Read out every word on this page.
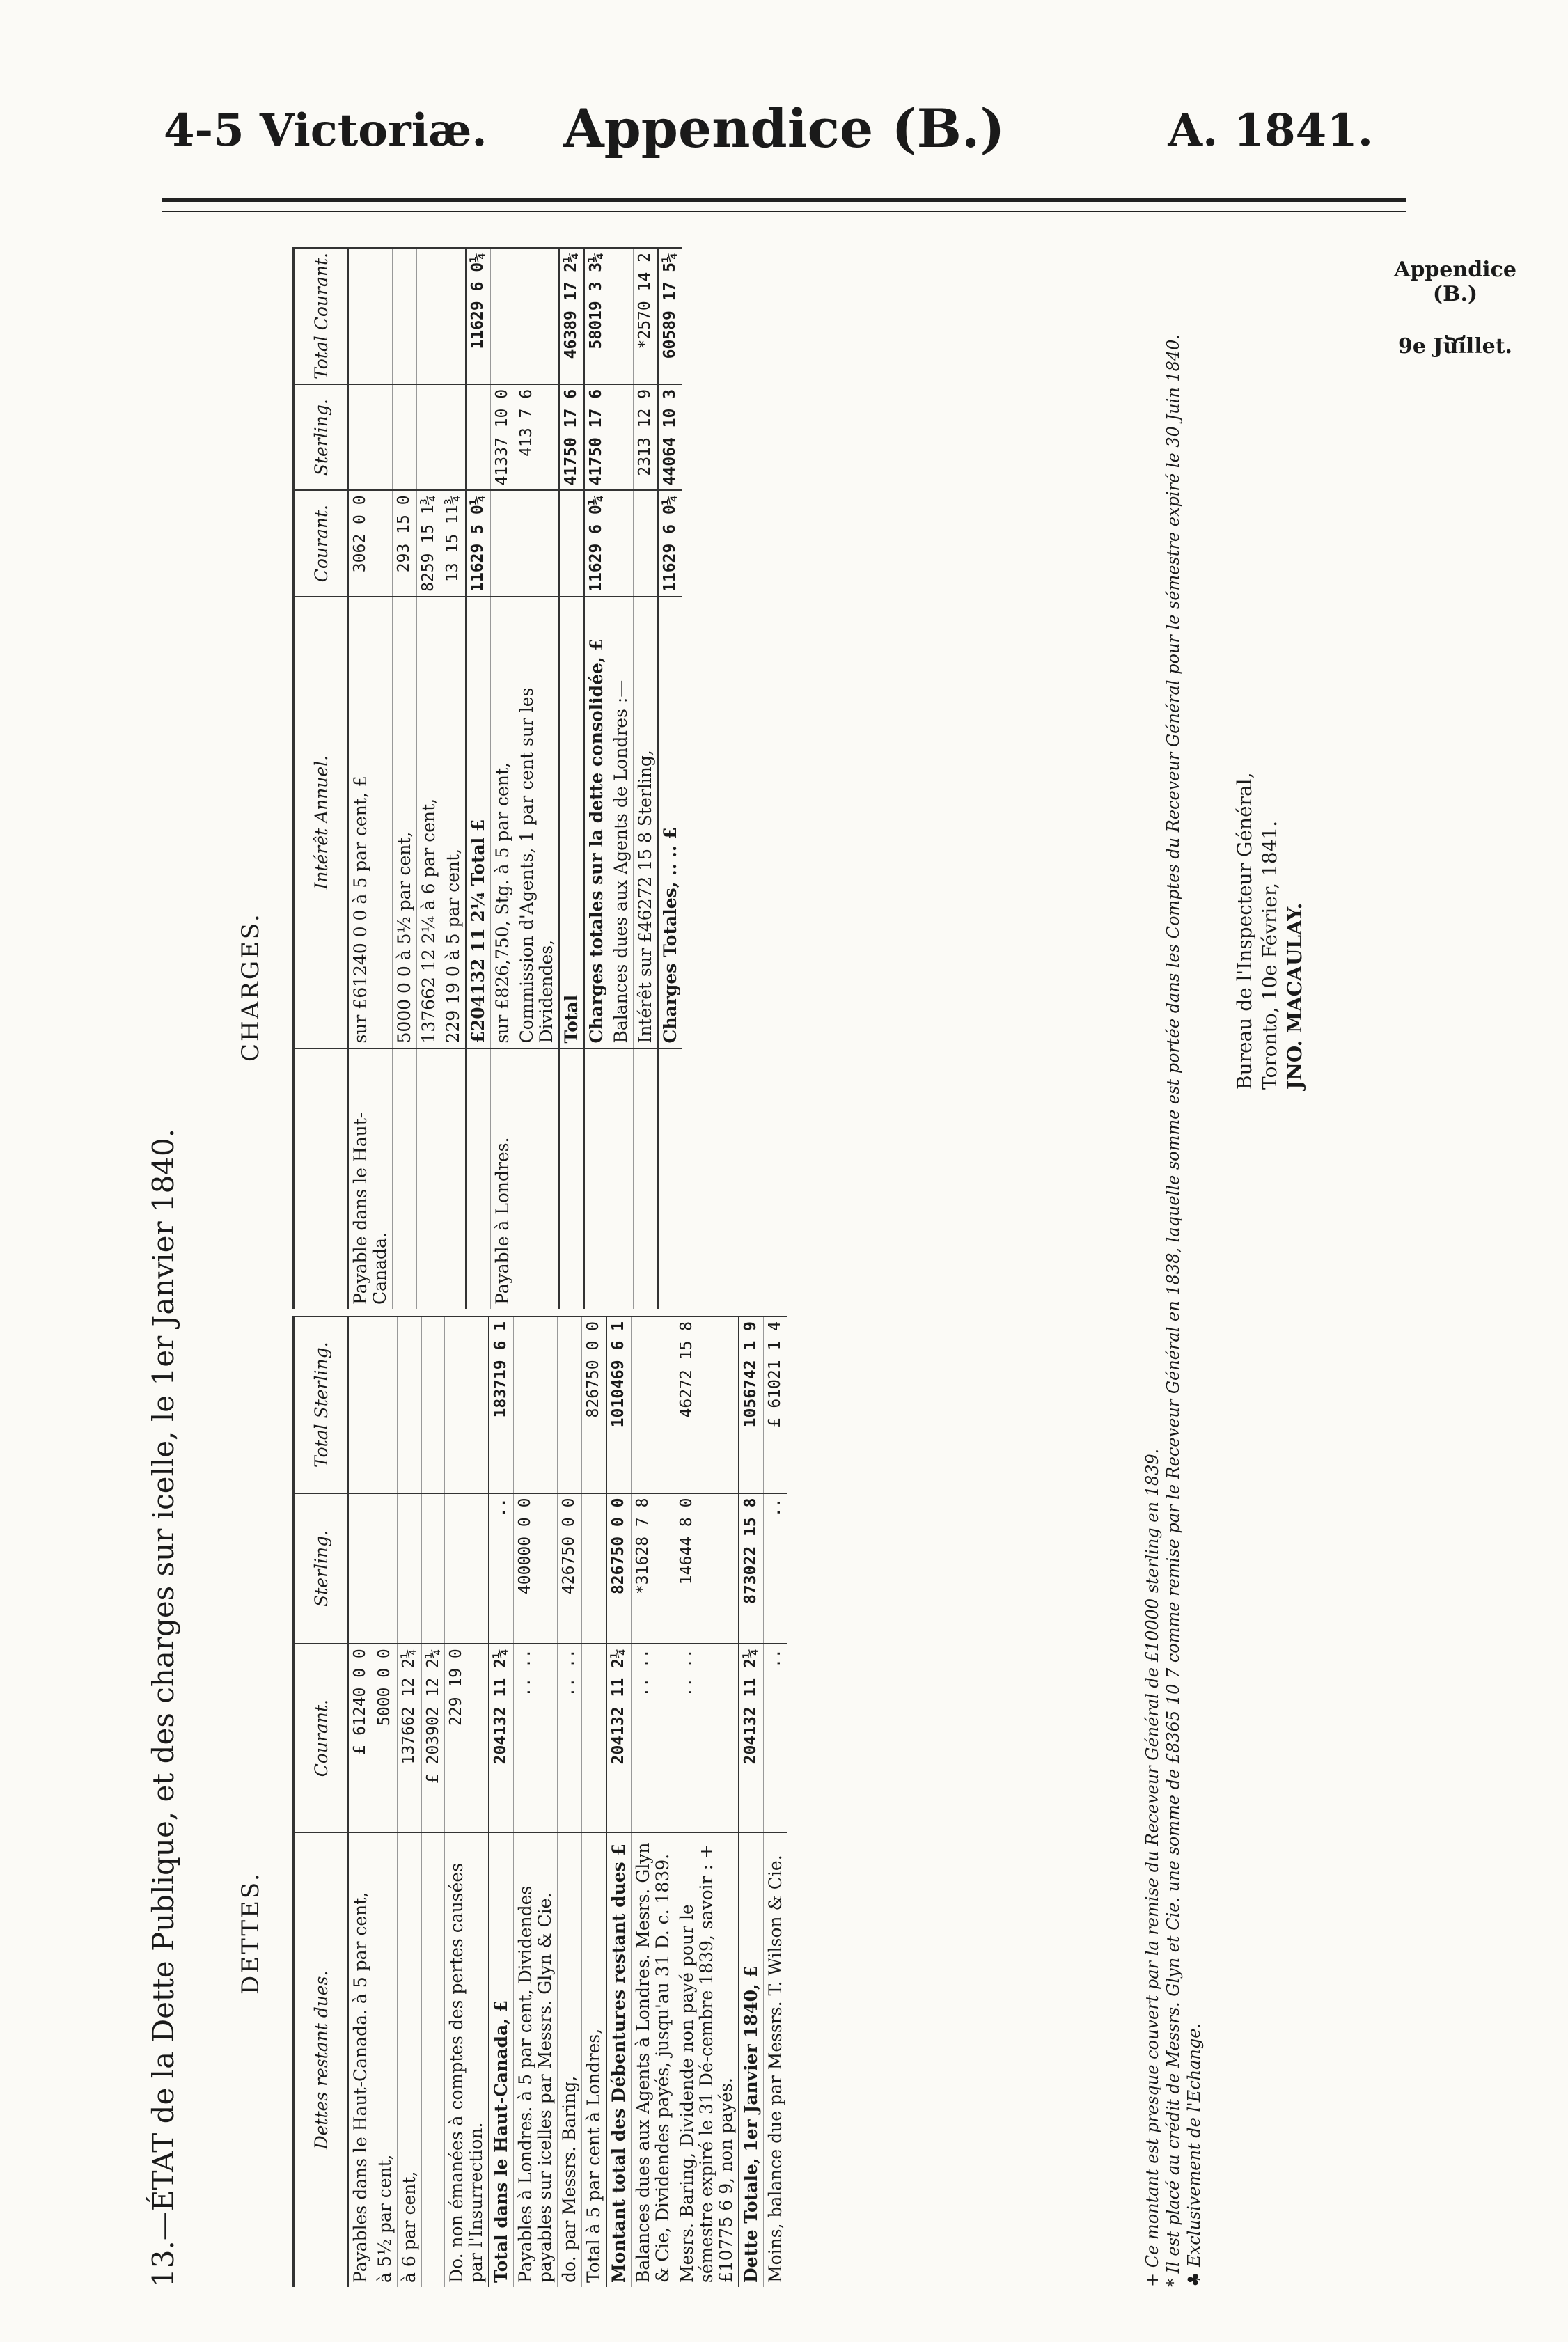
4-5 Victoriæ.	Appendice (B.)	A. 1841.
Appendice
(B.)
⏟
9e Juillet.
13.—ÉTAT de la Dette Publique, et des charges sur icelle, le 1er Janvier 1840. DETTES.
CHARGES.
Dettes restant dues.	Courant.	Sterling.	Total Sterling.
Payables dans le Haut-Canada. à 5 par cent,	£ 61240 0 0		
à 5½ par cent,	5000 0 0		
à 6 par cent,	137662 12 2¼		
	£ 203902 12 2¼		
Do. non émanées à comptes des pertes causées par l'Insurrection.	229 19 0		
Total dans le Haut-Canada, £	204132 11 2¼	..	183719 6 1
Payables à Londres. à 5 par cent, Dividendes payables sur icelles par Messrs. Glyn & Cie.	.. ..	400000 0 0	
do. par Messrs. Baring,	.. ..	426750 0 0	
Total à 5 par cent à Londres,			826750 0 0
Montant total des Débentures restant dues £	204132 11 2¼	826750 0 0	1010469 6 1
Balances dues aux Agents à Londres. Mesrs. Glyn & Cie, Dividendes payés, jusqu'au 31 D. c. 1839.	.. ..	*31628 7 8	
Mesrs. Baring, Dividende non payé pour le sémestre expiré le 31 Dé-cembre 1839, savoir : + £10775 6 9, non payés.	.. ..	14644 8 0	46272 15 8
Dette Totale, 1er Janvier 1840, £	204132 11 2¼	873022 15 8	1056742 1 9
Moins, balance due par Messrs. T. Wilson & Cie.	..	..	£ 61021 1 4
	Intérêt Annuel.	Courant.	Sterling.	Total Courant.
Payable dans le Haut-Canada.	sur £61240 0 0 à 5 par cent, £	3062 0 0		
	5000 0 0 à 5½ par cent,	293 15 0		
	137662 12 2¼ à 6 par cent,	8259 15 1¾		
	229 19 0 à 5 par cent,	13 15 11¾		
	£204132 11 2¼ Total £	11629 5 0¼		11629 6 0¼
Payable à Londres.	sur £826,750, Stg. à 5 par cent,		41337 10 0	
	Commission d'Agents, 1 par cent sur les Dividendes,		413 7 6	
	Total		41750 17 6	46389 17 2¼
	Charges totales sur la dette consolidée, £	11629 6 0¼	41750 17 6	58019 3 3¼
	Balances dues aux Agents de Londres :—			
	Intérêt sur £46272 15 8 Sterling,		2313 12 9	*2570 14 2
	Charges Totales, .. .. £	11629 6 0¼	44064 10 3	60589 17 5¼
+ Ce montant est presque couvert par la remise du Receveur Général de £10000 sterling en 1839. * Il est placé au crédit de Messrs. Glyn et Cie. une somme de £8365 10 7 comme remise par le Receveur Général en 1838, laquelle somme est portée dans les Comptes du Receveur Général pour le sémestre expiré le 30 Juin 1840. ♣ Exclusivement de l'Echange.
Bureau de l'Inspecteur Général, Toronto, 10e Février, 1841. JNO. MACAULAY.
